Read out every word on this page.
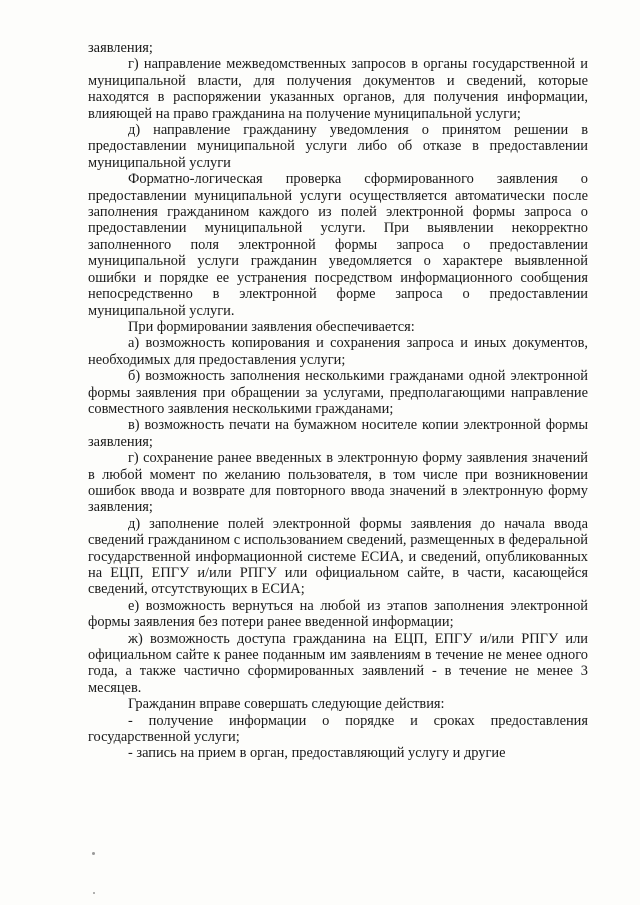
заявления;

г) направление межведомственных запросов в органы государственной и муниципальной власти, для получения документов и сведений, которые находятся в распоряжении указанных органов, для получения информации, влияющей на право гражданина на получение муниципальной услуги;

д) направление гражданину уведомления о принятом решении в предоставлении муниципальной услуги либо об отказе в предоставлении муниципальной услуги

Форматно-логическая проверка сформированного заявления о предоставлении муниципальной услуги осуществляется автоматически после заполнения гражданином каждого из полей электронной формы запроса о предоставлении муниципальной услуги. При выявлении некорректно заполненного поля электронной формы запроса о предоставлении муниципальной услуги гражданин уведомляется о характере выявленной ошибки и порядке ее устранения посредством информационного сообщения непосредственно в электронной форме запроса о предоставлении муниципальной услуги.

При формировании заявления обеспечивается:

а) возможность копирования и сохранения запроса и иных документов, необходимых для предоставления услуги;

б) возможность заполнения несколькими гражданами одной электронной формы заявления при обращении за услугами, предполагающими направление совместного заявления несколькими гражданами;

в) возможность печати на бумажном носителе копии электронной формы заявления;

г) сохранение ранее введенных в электронную форму заявления значений в любой момент по желанию пользователя, в том числе при возникновении ошибок ввода и возврате для повторного ввода значений в электронную форму заявления;

д) заполнение полей электронной формы заявления до начала ввода сведений гражданином с использованием сведений, размещенных в федеральной государственной информационной системе ЕСИА, и сведений, опубликованных на ЕЦП, ЕПГУ и/или РПГУ или официальном сайте, в части, касающейся сведений, отсутствующих в ЕСИА;

е) возможность вернуться на любой из этапов заполнения электронной формы заявления без потери ранее введенной информации;

ж) возможность доступа гражданина на ЕЦП, ЕПГУ и/или РПГУ или официальном сайте к ранее поданным им заявлениям в течение не менее одного года, а также частично сформированных заявлений - в течение не менее 3 месяцев.

Гражданин вправе совершать следующие действия:

- получение информации о порядке и сроках предоставления государственной услуги;

- запись на прием в орган, предоставляющий услугу и другие
